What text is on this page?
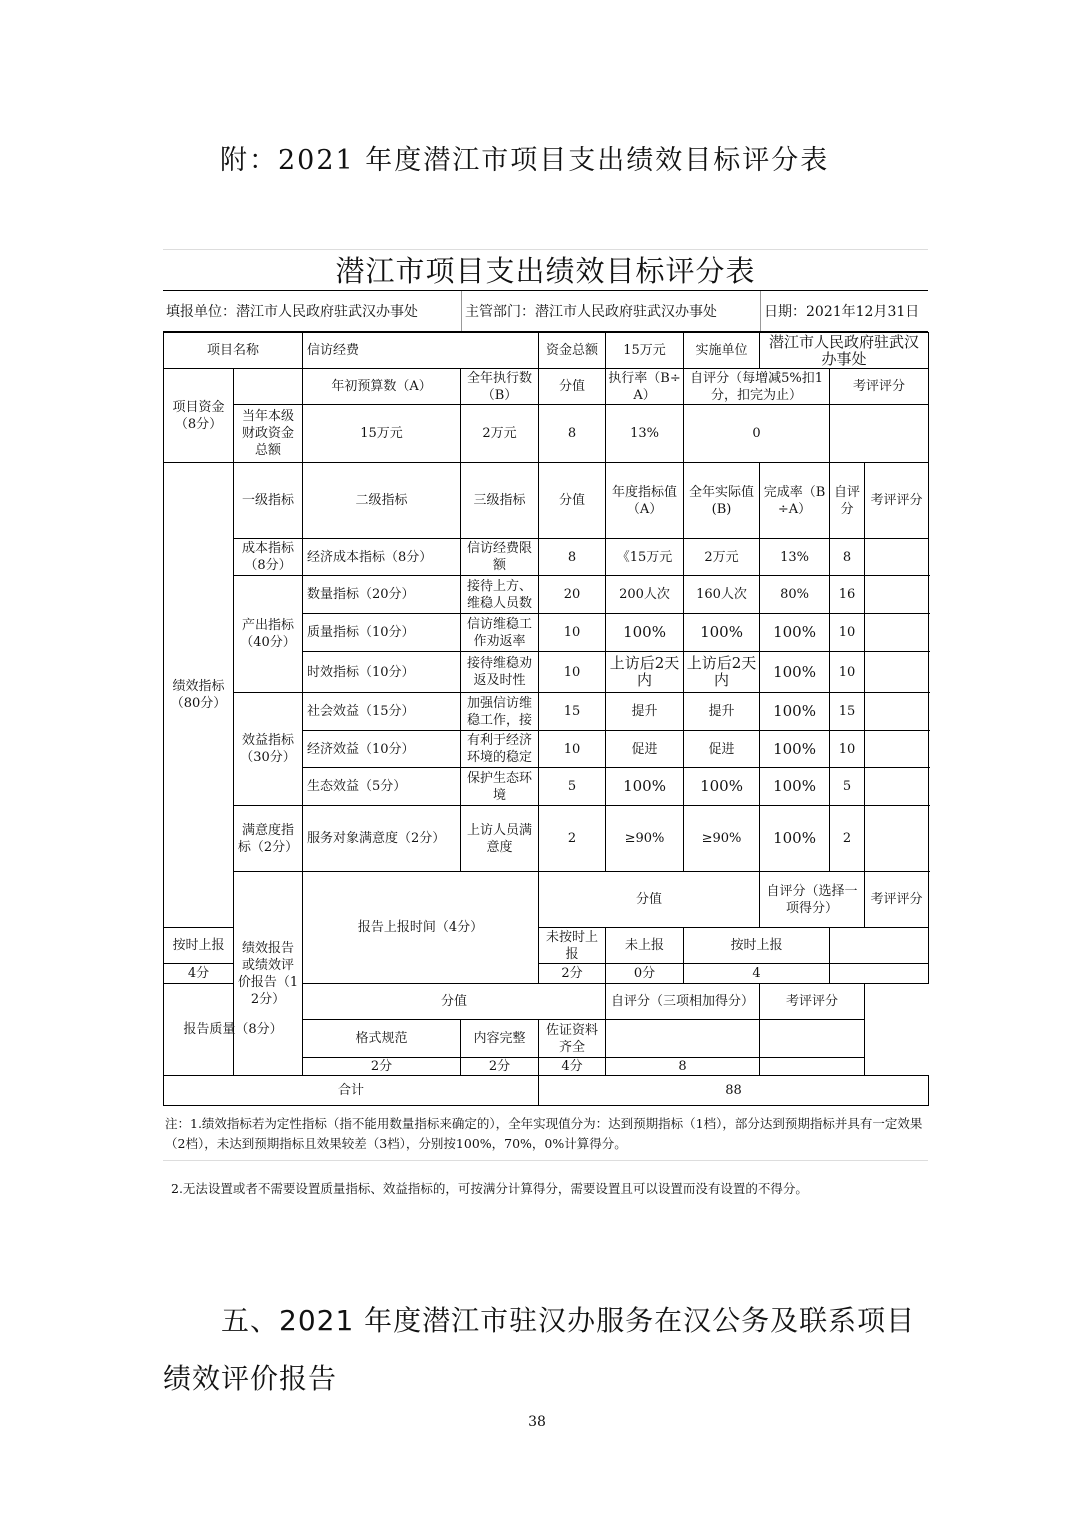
附：2021 年度潜江市项目支出绩效目标评分表
潜江市项目支出绩效目标评分表
填报单位：潜江市人民政府驻武汉办事处	主管部门：潜江市人民政府驻武汉办事处	日期：2021年12月31日
项目名称		信访经费		资金总额	15万元	实施单位	潜江市人民政府驻武汉办事处		
项目资金（8分）		年初预算数（A）	全年执行数（B）	分值	执行率（B÷A）	自评分（每增减5%扣1分，扣完为止）		考评评分	
	当年本级财政资金总额	15万元	2万元	8	13%	0			
绩效指标（80分）	一级指标	二级指标	三级指标	分值	年度指标值（A）	全年实际值(B)	完成率（B÷A）	自评分	考评评分
	成本指标（8分）	经济成本指标（8分）	信访经费限额	8	《15万元	2万元	13%	8	
	产出指标（40分）	数量指标（20分）	接待上方、维稳人员数	20	200人次	160人次	80%	16	
		质量指标（10分）	信访维稳工作劝返率	10	100%	100%	100%	10	
		时效指标（10分）	接待维稳劝返及时性	10	上访后2天内	上访后2天内	100%	10	
	效益指标（30分）	社会效益（15分）	加强信访维稳工作，接	15	提升	提升	100%	15	
		经济效益（10分）	有利于经济环境的稳定	10	促进	促进	100%	10	
		生态效益（5分）	保护生态环境	5	100%	100%	100%	5	
	满意度指标（2分）	服务对象满意度（2分）	上访人员满意度	2	≥90%	≥90%	100%	2	
	绩效报告或绩效评价报告（12分）	报告上报时间（4分）		分值			自评分（选择一项得分）		考评评分
按时上报				未按时上报	未上报	按时上报			
4分				2分	0分	4			
报告质量（8分）		分值			自评分（三项相加得分）		考评评分		
		格式规范	内容完整	佐证资料齐全					
		2分	2分	4分	8				
合计				88					
注：1.绩效指标若为定性指标（指不能用数量指标来确定的），全年实现值分为：达到预期指标（1档），部分达到预期指标并具有一定效果（2档），未达到预期指标且效果较差（3档），分别按100%，70%，0%计算得分。
2.无法设置或者不需要设置质量指标、效益指标的，可按满分计算得分，需要设置且可以设置而没有设置的不得分。
五、2021 年度潜江市驻汉办服务在汉公务及联系项目绩效评价报告
38
